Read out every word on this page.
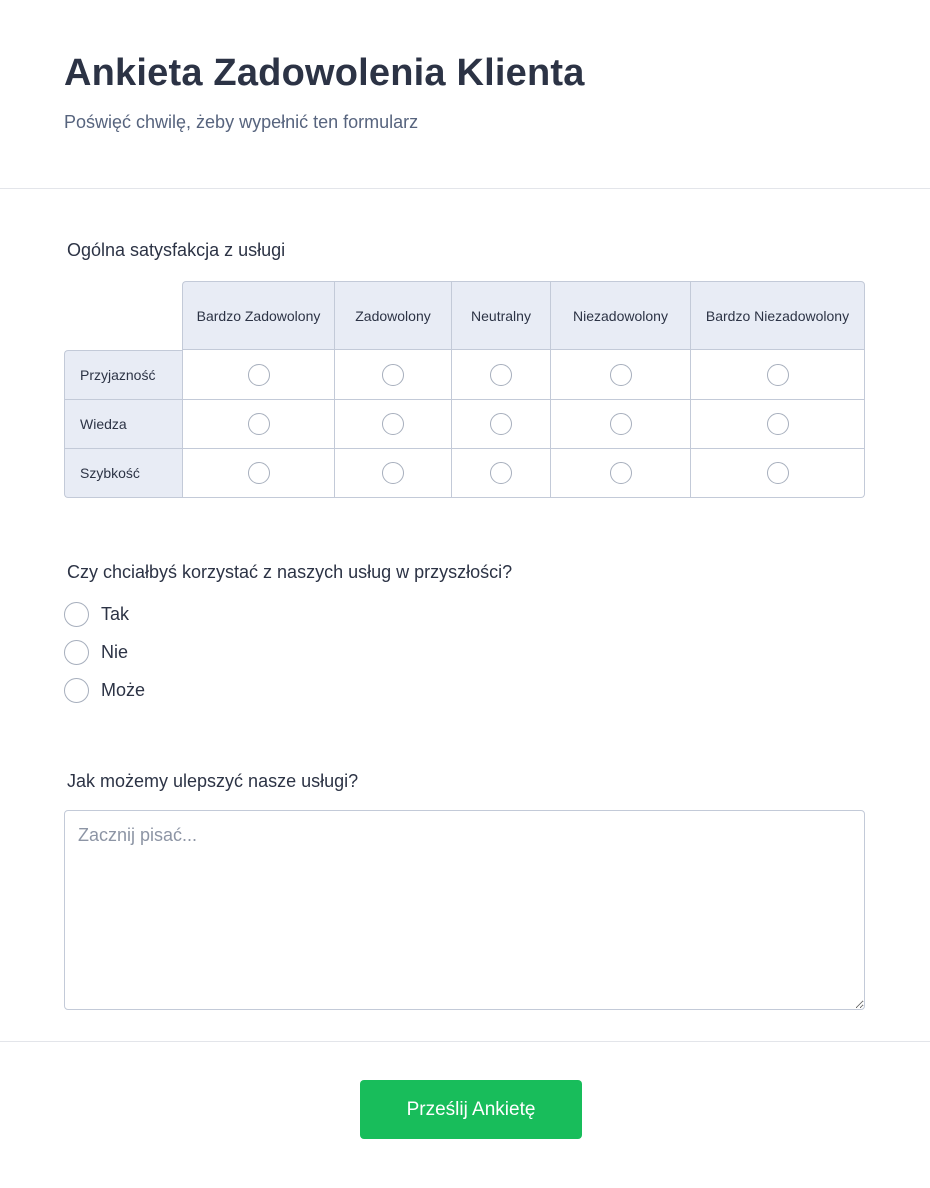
Ankieta Zadowolenia Klienta

Poświęć chwilę, żeby wypełnić ten formularz

Ogólna satysfakcja z usługi

	Bardzo Zadowolony	Zadowolony	Neutralny	Niezadowolony	Bardzo Niezadowolony
Przyjazność					
Wiedza					
Szybkość					

Czy chciałbyś korzystać z naszych usług w przyszłości?

Tak
Nie
Może

Jak możemy ulepszyć nasze usługi?

Zacznij pisać...
Prześlij Ankietę
